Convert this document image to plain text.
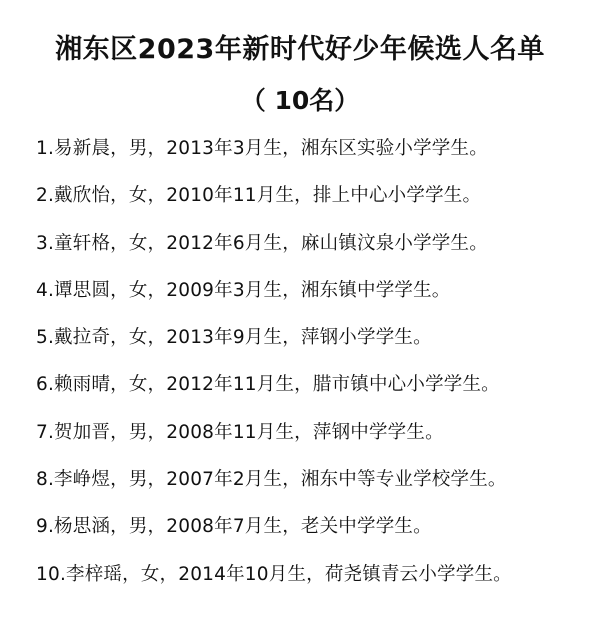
湘东区2023年新时代好少年候选人名单
（ 10名）
1.易新晨，男，2013年3月生，湘东区实验小学学生。
2.戴欣怡，女，2010年11月生，排上中心小学学生。
3.童轩格，女，2012年6月生，麻山镇汶泉小学学生。
4.谭思圆，女，2009年3月生，湘东镇中学学生。
5.戴拉奇，女，2013年9月生，萍钢小学学生。
6.赖雨晴，女，2012年11月生，腊市镇中心小学学生。
7.贺加晋，男，2008年11月生，萍钢中学学生。
8.李峥煜，男，2007年2月生，湘东中等专业学校学生。
9.杨思涵，男，2008年7月生，老关中学学生。
10.李梓瑶，女，2014年10月生，荷尧镇青云小学学生。
